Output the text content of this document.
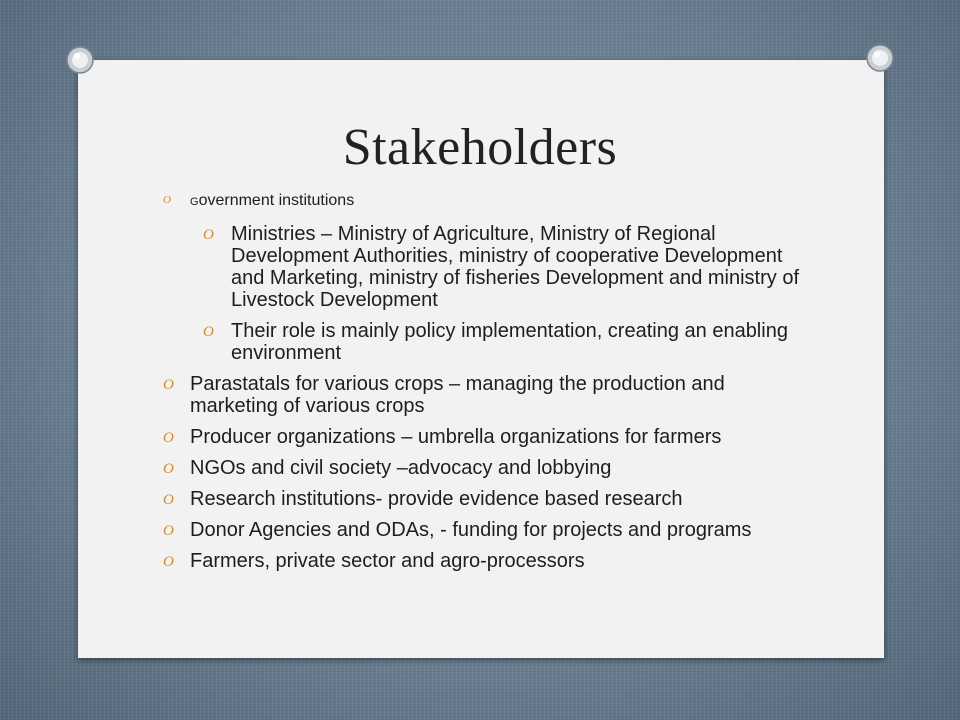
Stakeholders
O Government institutions
O Ministries – Ministry of Agriculture, Ministry of Regional Development Authorities, ministry of cooperative Development and Marketing, ministry of fisheries Development and ministry of Livestock Development
O Their role is mainly policy implementation, creating an enabling environment
O Parastatals for various crops – managing the production and marketing of various crops
O Producer organizations – umbrella organizations for farmers
O NGOs and civil society –advocacy and lobbying
O Research institutions- provide evidence based research
O Donor Agencies and ODAs, - funding for projects and programs
O Farmers, private sector and agro-processors
